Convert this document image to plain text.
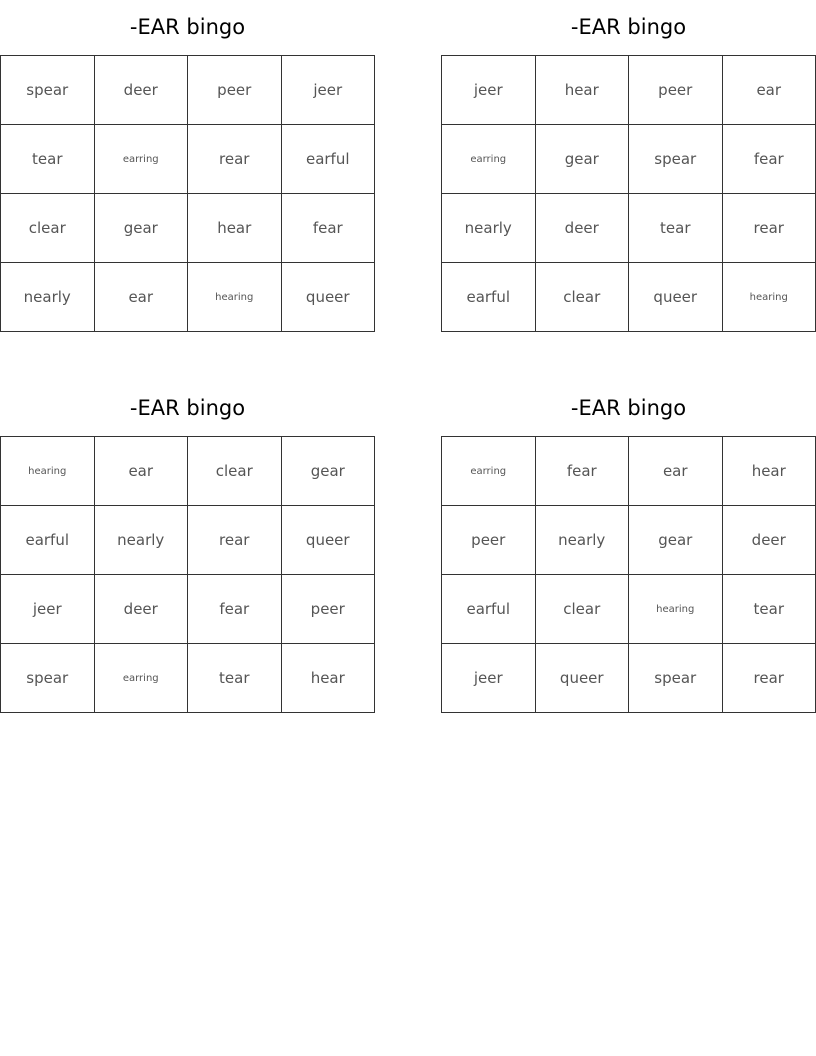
-EAR bingo
spear	deer	peer	jeer
tear	earring	rear	earful
clear	gear	hear	fear
nearly	ear	hearing	queer
-EAR bingo
jeer	hear	peer	ear
earring	gear	spear	fear
nearly	deer	tear	rear
earful	clear	queer	hearing
-EAR bingo
hearing	ear	clear	gear
earful	nearly	rear	queer
jeer	deer	fear	peer
spear	earring	tear	hear
-EAR bingo
earring	fear	ear	hear
peer	nearly	gear	deer
earful	clear	hearing	tear
jeer	queer	spear	rear
